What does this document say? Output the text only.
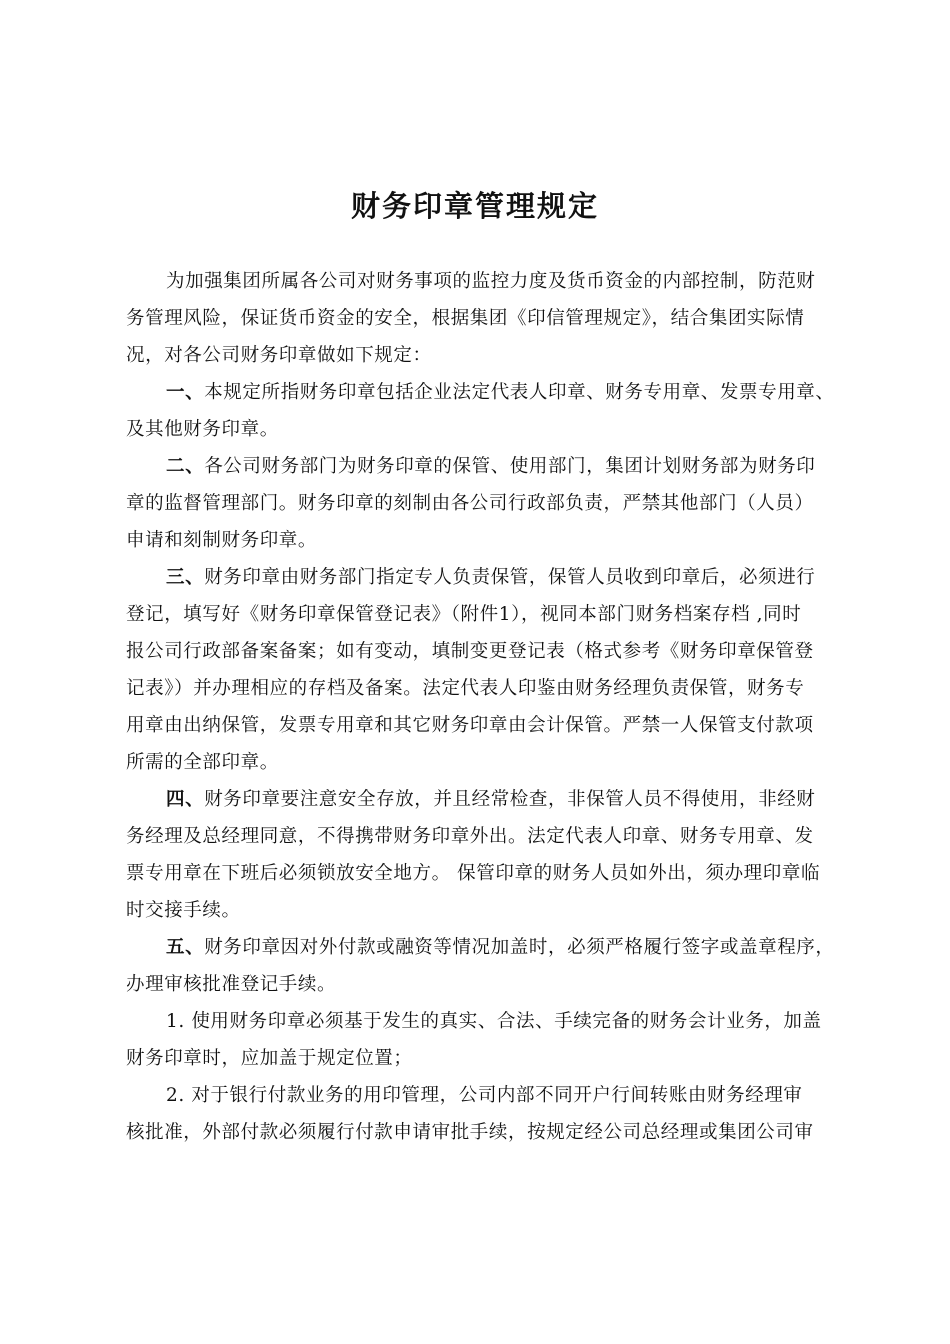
财务印章管理规定
为加强集团所属各公司对财务事项的监控力度及货币资金的内部控制，防范财
务管理风险，保证货币资金的安全，根据集团《印信管理规定》，结合集团实际情
况，对各公司财务印章做如下规定：
一、本规定所指财务印章包括企业法定代表人印章、财务专用章、发票专用章、
及其他财务印章。
二、各公司财务部门为财务印章的保管、使用部门，集团计划财务部为财务印
章的监督管理部门。财务印章的刻制由各公司行政部负责，严禁其他部门（人员）
申请和刻制财务印章。
三、财务印章由财务部门指定专人负责保管，保管人员收到印章后，必须进行
登记，填写好《财务印章保管登记表》（附件1），视同本部门财务档案存档 ,同时
报公司行政部备案备案；如有变动，填制变更登记表（格式参考《财务印章保管登
记表》）并办理相应的存档及备案。法定代表人印鉴由财务经理负责保管，财务专
用章由出纳保管，发票专用章和其它财务印章由会计保管。严禁一人保管支付款项
所需的全部印章。
四、财务印章要注意安全存放，并且经常检查，非保管人员不得使用，非经财
务经理及总经理同意，不得携带财务印章外出。法定代表人印章、财务专用章、发
票专用章在下班后必须锁放安全地方。 保管印章的财务人员如外出，须办理印章临
时交接手续。
五、财务印章因对外付款或融资等情况加盖时，必须严格履行签字或盖章程序，
办理审核批准登记手续。
1. 使用财务印章必须基于发生的真实、合法、手续完备的财务会计业务，加盖
财务印章时，应加盖于规定位置；
2. 对于银行付款业务的用印管理，公司内部不同开户行间转账由财务经理审
核批准，外部付款必须履行付款申请审批手续，按规定经公司总经理或集团公司审
